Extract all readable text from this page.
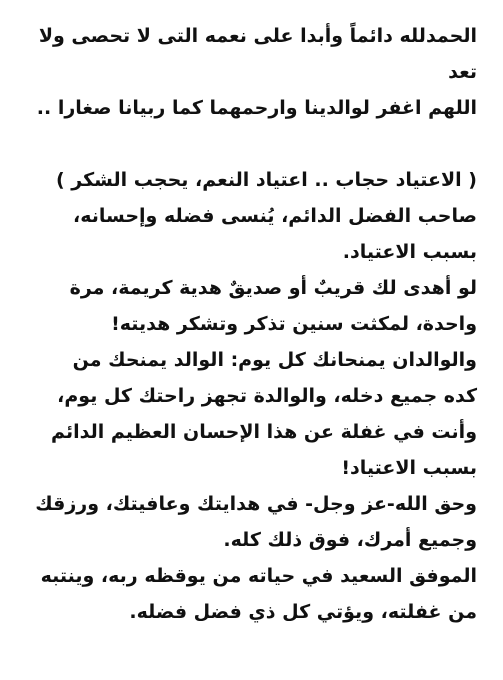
الحمدلله دائماً وأبدا على نعمه التى لا تحصى ولا
تعد
اللهم اغفر لوالدينا وارحمهما كما ربيانا صغارا ..
( الاعتياد حجاب .. اعتياد النعم، يحجب الشكر )
صاحب الفضل الدائم، يُنسى فضله وإحسانه،
بسبب الاعتياد.
لو أهدى لك قريبٌ أو صديقٌ هدية كريمة، مرة
واحدة، لمكثت سنين تذكر وتشكر هديته!
والوالدان يمنحانك كل يوم: الوالد يمنحك من
كده جميع دخله، والوالدة تجهز راحتك كل يوم،
وأنت في غفلة عن هذا الإحسان العظيم الدائم
بسبب الاعتياد!
وحق الله-عز وجل- في هدايتك وعافيتك، ورزقك
وجميع أمرك، فوق ذلك كله.
الموفق السعيد في حياته من يوقظه ربه، وينتبه
من غفلته، ويؤتي كل ذي فضل فضله.
